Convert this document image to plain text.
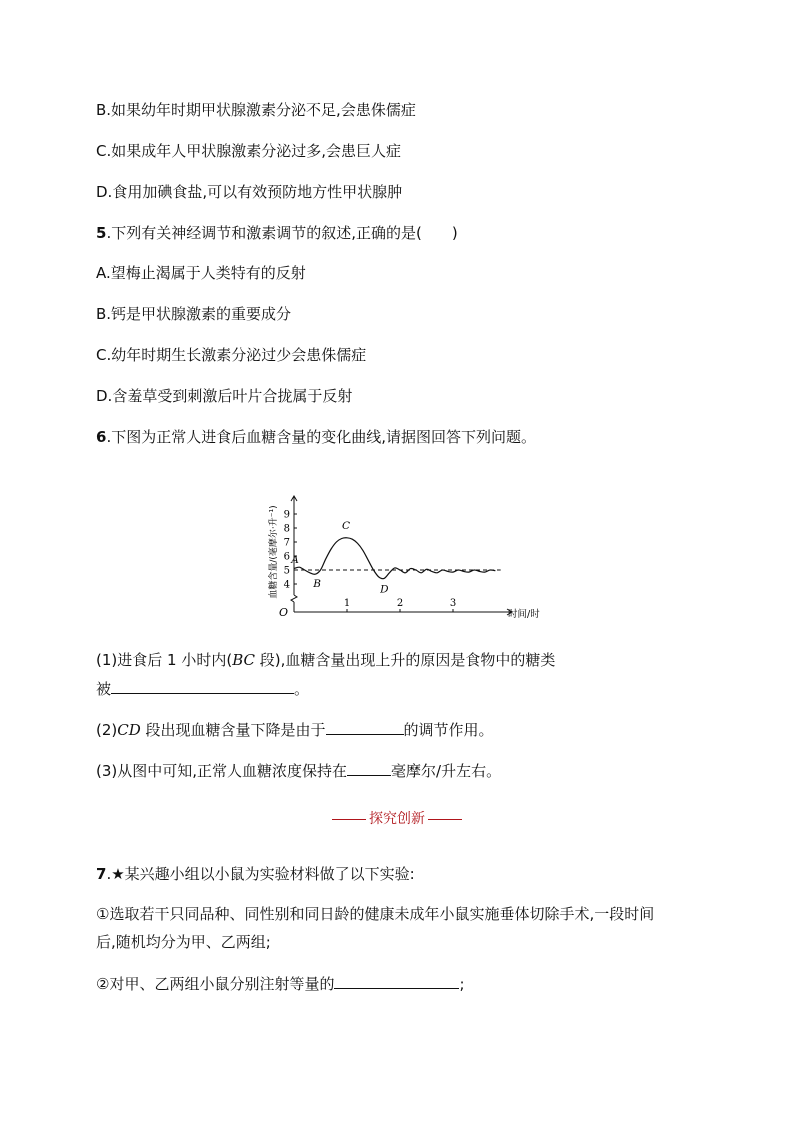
B.如果幼年时期甲状腺激素分泌不足,会患侏儒症
C.如果成年人甲状腺激素分泌过多,会患巨人症
D.食用加碘食盐,可以有效预防地方性甲状腺肿
5.下列有关神经调节和激素调节的叙述,正确的是(　　)
A.望梅止渴属于人类特有的反射
B.钙是甲状腺激素的重要成分
C.幼年时期生长激素分泌过少会患侏儒症
D.含羞草受到刺激后叶片合拢属于反射
6.下图为正常人进食后血糖含量的变化曲线,请据图回答下列问题。
O
4
5
6
7
8
9
1	2	3
时间/时
血糖含量/(毫摩尔·升⁻¹) A
B
C
D
(1)进食后 1 小时内(BC 段),血糖含量出现上升的原因是食物中的糖类
被	。
(2)CD 段出现血糖含量下降是由于	的调节作用。
(3)从图中可知,正常人血糖浓度保持在	毫摩尔/升左右。
探究创新
7.★某兴趣小组以小鼠为实验材料做了以下实验:
①选取若干只同品种、同性别和同日龄的健康未成年小鼠实施垂体切除手术,一段时间
后,随机均分为甲、乙两组;
②对甲、乙两组小鼠分别注射等量的	;
